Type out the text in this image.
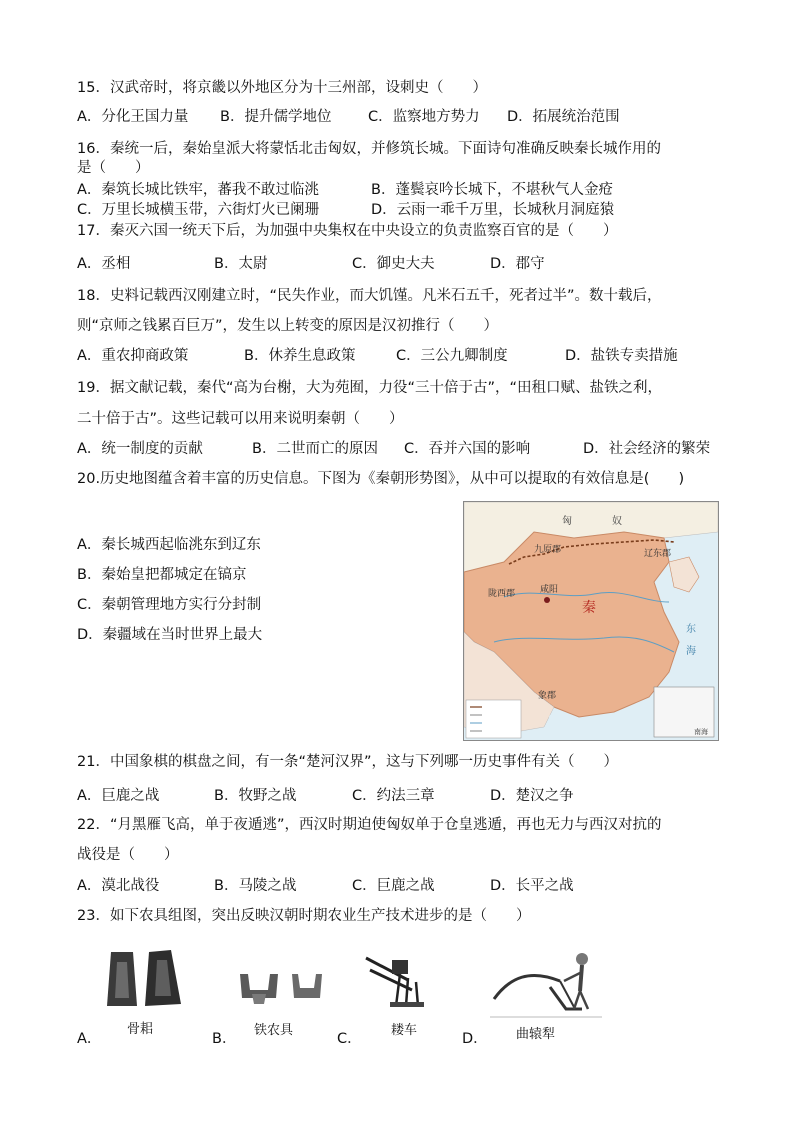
15．汉武帝时，将京畿以外地区分为十三州部，设刺史（　　）
A．分化王国力量 B．提升儒学地位	C．监察地方势力 D．拓展统治范围
16．秦统一后，秦始皇派大将蒙恬北击匈奴，并修筑长城。下面诗句准确反映秦长城作用的
是（　　）
A．秦筑长城比铁牢，蕃我不敢过临洮	B．蓬鬓哀吟长城下，不堪秋气人金疮
C．万里长城横玉带，六街灯火已阑珊	D．云雨一乖千万里，长城秋月洞庭猿
17．秦灭六国一统天下后，为加强中央集权在中央设立的负责监察百官的是（　　）
A．丞相	B．太尉	C．御史大夫	D．郡守
18．史料记载西汉刚建立时，“民失作业，而大饥馑。凡米石五千，死者过半”。数十载后，
则“京师之钱累百巨万”，发生以上转变的原因是汉初推行（　　）
A．重农抑商政策	B．休养生息政策	C．三公九卿制度	D．盐铁专卖措施
19．据文献记载，秦代“高为台榭，大为苑囿，力役“三十倍于古”，“田租口赋、盐铁之利，
二十倍于古”。这些记载可以用来说明秦朝（　　）
A．统一制度的贡献	B．二世而亡的原因 C．吞并六国的影响	D．社会经济的繁荣
20.历史地图蕴含着丰富的历史信息。下图为《秦朝形势图》，从中可以提取的有效信息是(　　)
A．秦长城西起临洮东到辽东
B．秦始皇把都城定在镐京
C．秦朝管理地方实行分封制
D．秦疆域在当时世界上最大
匈	奴
辽东郡
九原郡
陇西郡	咸阳
秦
东
海
象郡
南海
21．中国象棋的棋盘之间，有一条“楚河汉界”，这与下列哪一历史事件有关（　　）
A．巨鹿之战	B．牧野之战	C．约法三章	D．楚汉之争
22．“月黑雁飞高，单于夜遁逃”，西汉时期迫使匈奴单于仓皇逃遁，再也无力与西汉对抗的
战役是（　　）
A．漠北战役	B．马陵之战	C．巨鹿之战	D．长平之战
23．如下农具组图，突出反映汉朝时期农业生产技术进步的是（　　）
骨耜
A．
铁农具
B．
耧车
C．	曲辕犁
D．
